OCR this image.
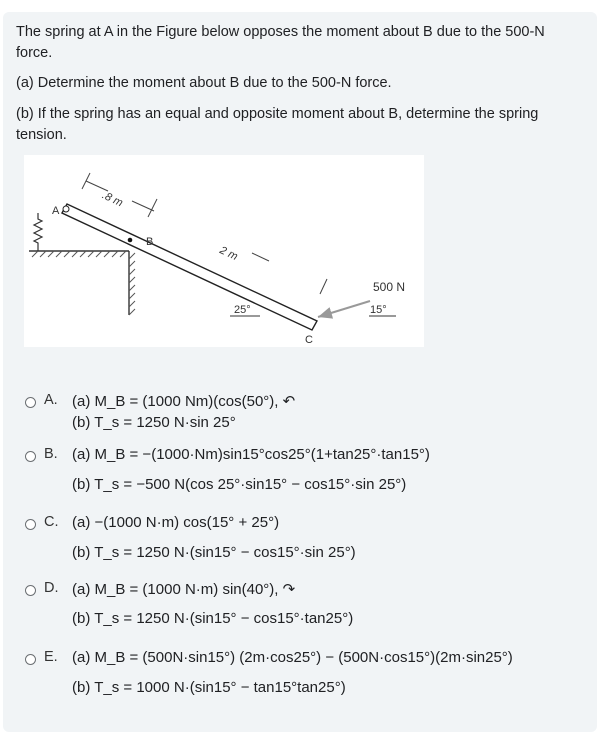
The spring at A in the Figure below opposes the moment about B due to the 500-N force.
(a) Determine the moment about B due to the 500-N force.
(b) If the spring has an equal and opposite moment about B, determine the spring tension.
.8 m
2 m
A
B
C
25°
500 N
15°
A. (a) M_B = (1000 Nm)(cos(50°), ↶
(b) T_s = 1250 N·sin 25°
B. (a) M_B = −(1000·Nm)sin15°cos25°(1+tan25°·tan15°)
(b) T_s = −500 N(cos 25°·sin15° − cos15°·sin 25°)
C. (a) −(1000 N·m) cos(15° + 25°)
(b) T_s = 1250 N·(sin15° − cos15°·sin 25°)
D. (a) M_B = (1000 N·m) sin(40°), ↷
(b) T_s = 1250 N·(sin15° − cos15°·tan25°)
E. (a) M_B = (500N·sin15°) (2m·cos25°) − (500N·cos15°)(2m·sin25°)
(b) T_s = 1000 N·(sin15° − tan15°tan25°)
